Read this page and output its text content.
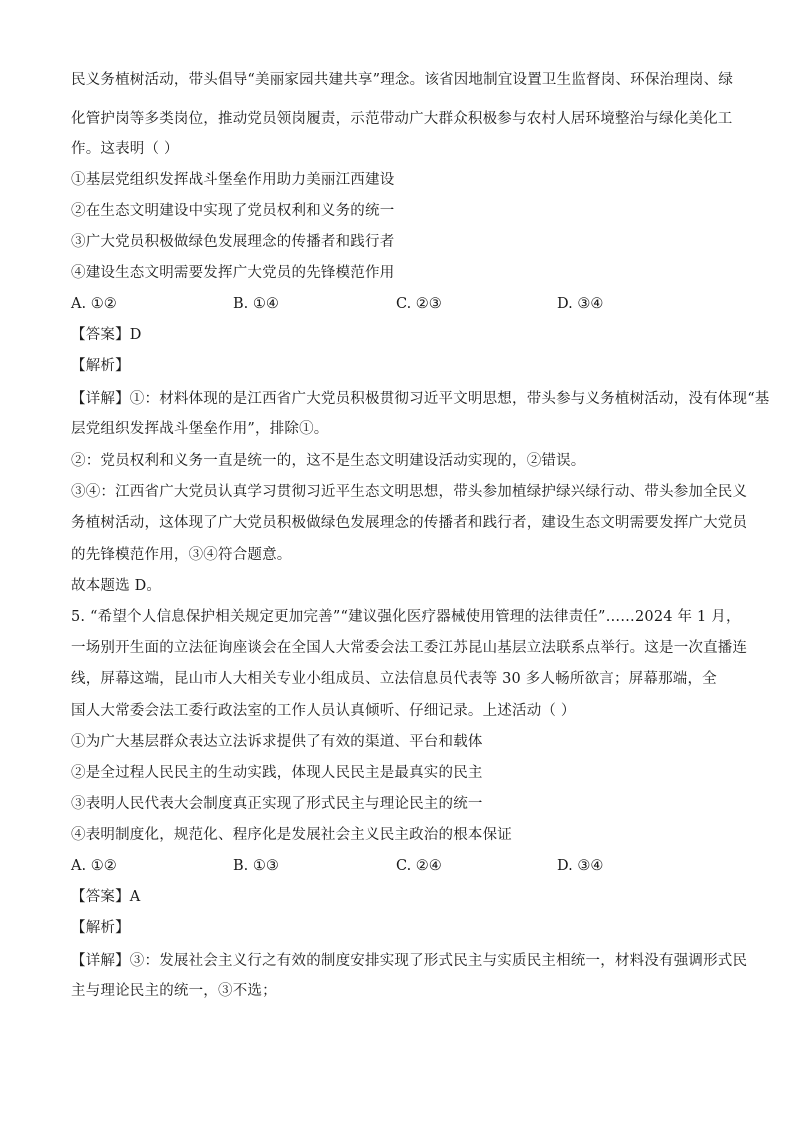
民义务植树活动，带头倡导“美丽家园共建共享”理念。该省因地制宜设置卫生监督岗、环保治理岗、绿
化管护岗等多类岗位，推动党员领岗履责，示范带动广大群众积极参与农村人居环境整治与绿化美化工
作。这表明（ ）
①基层党组织发挥战斗堡垒作用助力美丽江西建设
②在生态文明建设中实现了党员权利和义务的统一
③广大党员积极做绿色发展理念的传播者和践行者
④建设生态文明需要发挥广大党员的先锋模范作用
A. ①②	B. ①④	C. ②③	D. ③④
【答案】D
【解析】
【详解】①：材料体现的是江西省广大党员积极贯彻习近平文明思想，带头参与义务植树活动，没有体现“基
层党组织发挥战斗堡垒作用”，排除①。
②：党员权利和义务一直是统一的，这不是生态文明建设活动实现的，②错误。
③④：江西省广大党员认真学习贯彻习近平生态文明思想，带头参加植绿护绿兴绿行动、带头参加全民义
务植树活动，这体现了广大党员积极做绿色发展理念的传播者和践行者，建设生态文明需要发挥广大党员
的先锋模范作用，③④符合题意。
故本题选 D。
5. “希望个人信息保护相关规定更加完善”“建议强化医疗器械使用管理的法律责任”……2024 年 1 月，
一场别开生面的立法征询座谈会在全国人大常委会法工委江苏昆山基层立法联系点举行。这是一次直播连
线，屏幕这端，昆山市人大相关专业小组成员、立法信息员代表等 30 多人畅所欲言；屏幕那端，全
国人大常委会法工委行政法室的工作人员认真倾听、仔细记录。上述活动（ ）
①为广大基层群众表达立法诉求提供了有效的渠道、平台和载体
②是全过程人民民主的生动实践，体现人民民主是最真实的民主
③表明人民代表大会制度真正实现了形式民主与理论民主的统一
④表明制度化，规范化、程序化是发展社会主义民主政治的根本保证
A. ①②	B. ①③	C. ②④	D. ③④
【答案】A
【解析】
【详解】③：发展社会主义行之有效的制度安排实现了形式民主与实质民主相统一，材料没有强调形式民
主与理论民主的统一，③不选；
